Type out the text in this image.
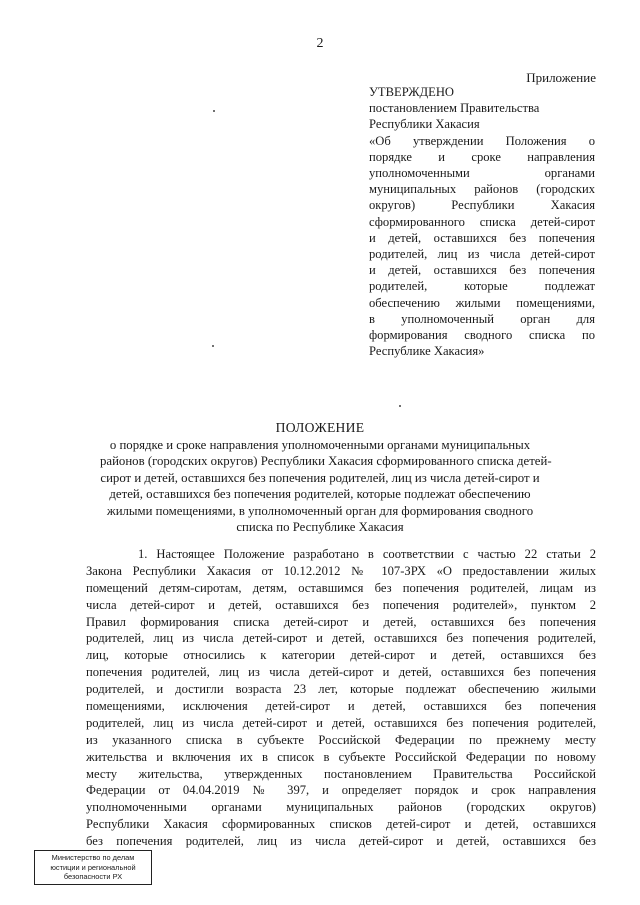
2
Приложение
УТВЕРЖДЕНО
постановлением Правительства
Республики Хакасия
«Об утверждении Положения о
порядке и сроке направления
уполномоченными органами
муниципальных районов (городских
округов) Республики Хакасия
сформированного списка детей-сирот
и детей, оставшихся без попечения
родителей, лиц из числа детей-сирот
и детей, оставшихся без попечения
родителей, которые подлежат
обеспечению жилыми помещениями,
в уполномоченный орган для
формирования сводного списка по
Республике Хакасия»
ПОЛОЖЕНИЕ
о порядке и сроке направления уполномоченными органами муниципальных
районов (городских округов) Республики Хакасия сформированного списка детей-
сирот и детей, оставшихся без попечения родителей, лиц из числа детей-сирот и
детей, оставшихся без попечения родителей, которые подлежат обеспечению
жилыми помещениями, в уполномоченный орган для формирования сводного
списка по Республике Хакасия
1. Настоящее Положение разработано в соответствии с частью 22 статьи 2
Закона Республики Хакасия от 10.12.2012 № 107-ЗРХ «О предоставлении жилых
помещений детям-сиротам, детям, оставшимся без попечения родителей, лицам из
числа детей-сирот и детей, оставшихся без попечения родителей», пунктом 2
Правил формирования списка детей-сирот и детей, оставшихся без попечения
родителей, лиц из числа детей-сирот и детей, оставшихся без попечения родителей,
лиц, которые относились к категории детей-сирот и детей, оставшихся без
попечения родителей, лиц из числа детей-сирот и детей, оставшихся без попечения
родителей, и достигли возраста 23 лет, которые подлежат обеспечению жилыми
помещениями, исключения детей-сирот и детей, оставшихся без попечения
родителей, лиц из числа детей-сирот и детей, оставшихся без попечения родителей,
из указанного списка в субъекте Российской Федерации по прежнему месту
жительства и включения их в список в субъекте Российской Федерации по новому
месту жительства, утвержденных постановлением Правительства Российской
Федерации от 04.04.2019 № 397, и определяет порядок и срок направления
уполномоченными органами муниципальных районов (городских округов)
Республики Хакасия сформированных списков детей-сирот и детей, оставшихся
без попечения родителей, лиц из числа детей-сирот и детей, оставшихся без
Министерство по делам
юстиции и региональной
безопасности РХ
